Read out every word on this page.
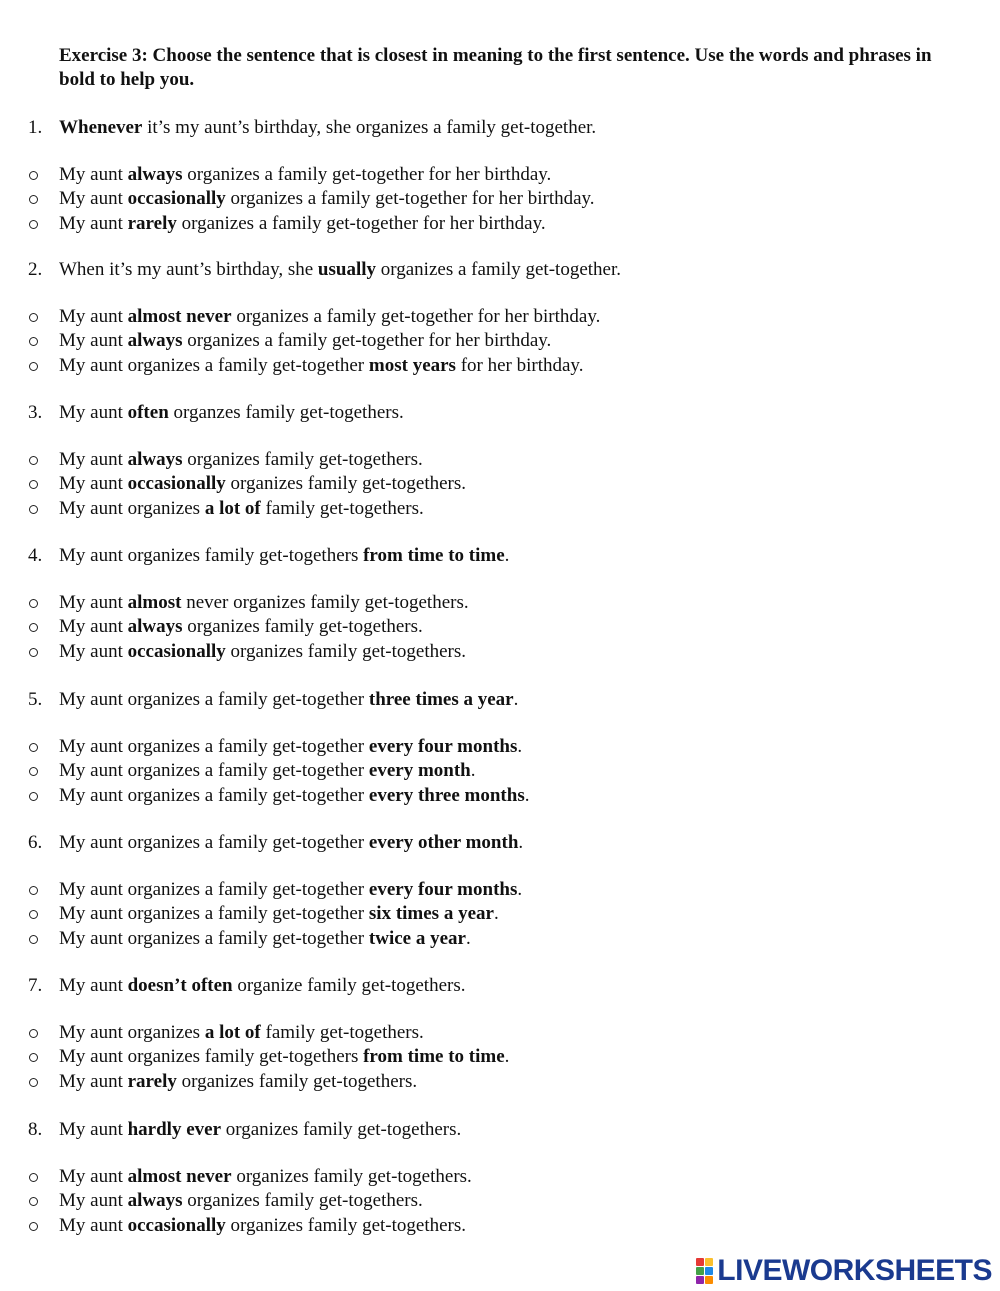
Exercise 3: Choose the sentence that is closest in meaning to the first sentence. Use the words and phrases in bold to help you.
1. Whenever it’s my aunt’s birthday, she organizes a family get-together.
My aunt always organizes a family get-together for her birthday.
My aunt occasionally organizes a family get-together for her birthday.
My aunt rarely organizes a family get-together for her birthday.
2. When it’s my aunt’s birthday, she usually organizes a family get-together.
My aunt almost never organizes a family get-together for her birthday.
My aunt always organizes a family get-together for her birthday.
My aunt organizes a family get-together most years for her birthday.
3. My aunt often organzes family get-togethers.
My aunt always organizes family get-togethers.
My aunt occasionally organizes family get-togethers.
My aunt organizes a lot of family get-togethers.
4. My aunt organizes family get-togethers from time to time.
My aunt almost never organizes family get-togethers.
My aunt always organizes family get-togethers.
My aunt occasionally organizes family get-togethers.
5. My aunt organizes a family get-together three times a year.
My aunt organizes a family get-together every four months.
My aunt organizes a family get-together every month.
My aunt organizes a family get-together every three months.
6. My aunt organizes a family get-together every other month.
My aunt organizes a family get-together every four months.
My aunt organizes a family get-together six times a year.
My aunt organizes a family get-together twice a year.
7. My aunt doesn’t often organize family get-togethers.
My aunt organizes a lot of family get-togethers.
My aunt organizes family get-togethers from time to time.
My aunt rarely organizes family get-togethers.
8. My aunt hardly ever organizes family get-togethers.
My aunt almost never organizes family get-togethers.
My aunt always organizes family get-togethers.
My aunt occasionally organizes family get-togethers.
LIVEWORKSHEETS
